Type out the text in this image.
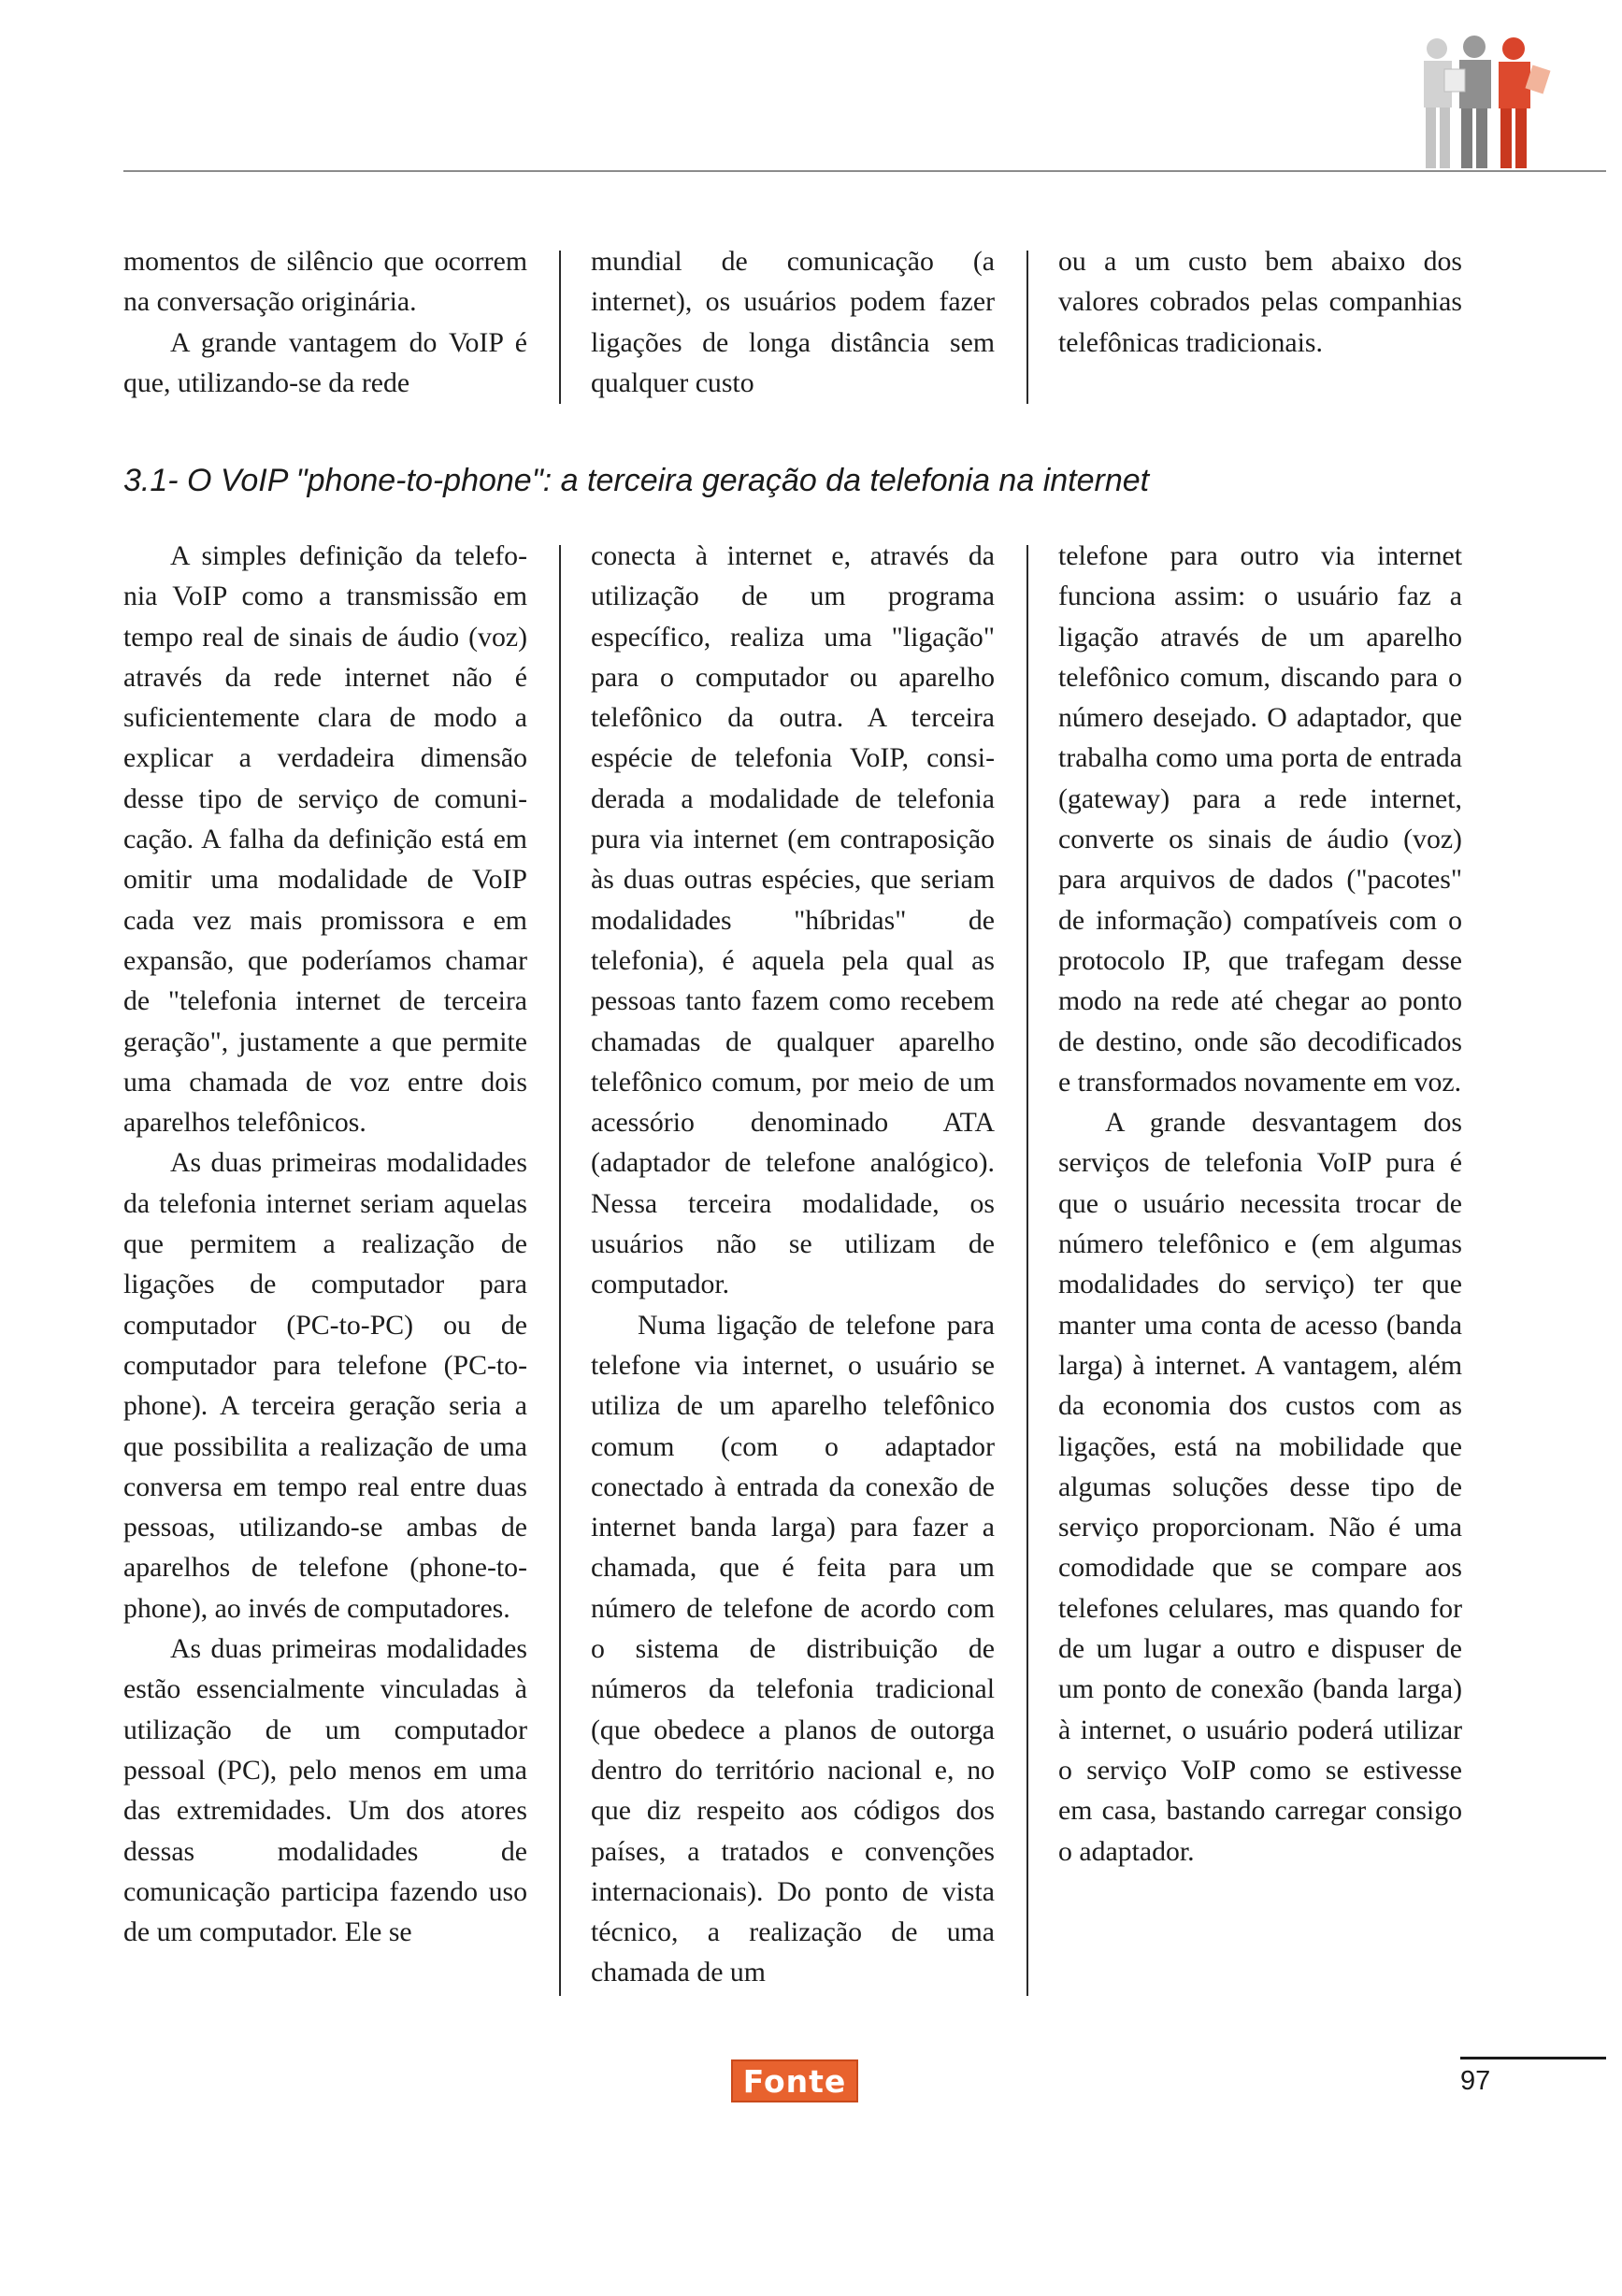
momentos de silêncio que ocorrem na conversação originária.

A grande vantagem do VoIP é que, utilizando-se da rede

mundial de comunicação (a internet), os usuários podem fazer ligações de longa distância sem qualquer custo

ou a um custo bem abaixo dos valores cobrados pelas companhias telefônicas tradicionais.

3.1- O VoIP "phone-to-phone": a terceira geração da telefonia na internet

A simples definição da telefonia VoIP como a transmissão em tempo real de sinais de áudio (voz) através da rede internet não é suficientemente clara de modo a explicar a verdadeira dimensão desse tipo de serviço de comunicação. A falha da definição está em omitir uma modalidade de VoIP cada vez mais promissora e em expansão, que poderíamos chamar de "telefonia internet de terceira geração", justamente a que permite uma chamada de voz entre dois aparelhos telefônicos.

As duas primeiras modalidades da telefonia internet seriam aquelas que permitem a realização de ligações de computador para computador (PC-to-PC) ou de computador para telefone (PC-to-phone). A terceira geração seria a que possibilita a realização de uma conversa em tempo real entre duas pessoas, utilizando-se ambas de aparelhos de telefone (phone-to-phone), ao invés de computadores.

As duas primeiras modalidades estão essencialmente vinculadas à utilização de um computador pessoal (PC), pelo menos em uma das extremidades. Um dos atores dessas modalidades de comunicação participa fazendo uso de um computador. Ele se

conecta à internet e, através da utilização de um programa específico, realiza uma "ligação" para o computador ou aparelho telefônico da outra. A terceira espécie de telefonia VoIP, considerada a modalidade de telefonia pura via internet (em contraposição às duas outras espécies, que seriam modalidades "híbridas" de telefonia), é aquela pela qual as pessoas tanto fazem como recebem chamadas de qualquer aparelho telefônico comum, por meio de um acessório denominado ATA (adaptador de telefone analógico). Nessa terceira modalidade, os usuários não se utilizam de computador.

Numa ligação de telefone para telefone via internet, o usuário se utiliza de um aparelho telefônico comum (com o adaptador conectado à entrada da conexão de internet banda larga) para fazer a chamada, que é feita para um número de telefone de acordo com o sistema de distribuição de números da telefonia tradicional (que obedece a planos de outorga dentro do território nacional e, no que diz respeito aos códigos dos países, a tratados e convenções internacionais). Do ponto de vista técnico, a realização de uma chamada de um

telefone para outro via internet funciona assim: o usuário faz a ligação através de um aparelho telefônico comum, discando para o número desejado. O adaptador, que trabalha como uma porta de entrada (gateway) para a rede internet, converte os sinais de áudio (voz) para arquivos de dados ("pacotes" de informação) compatíveis com o protocolo IP, que trafegam desse modo na rede até chegar ao ponto de destino, onde são decodificados e transformados novamente em voz.

A grande desvantagem dos serviços de telefonia VoIP pura é que o usuário necessita trocar de número telefônico e (em algumas modalidades do serviço) ter que manter uma conta de acesso (banda larga) à internet. A vantagem, além da economia dos custos com as ligações, está na mobilidade que algumas soluções desse tipo de serviço proporcionam. Não é uma comodidade que se compare aos telefones celulares, mas quando for de um lugar a outro e dispuser de um ponto de conexão (banda larga) à internet, o usuário poderá utilizar o serviço VoIP como se estivesse em casa, bastando carregar consigo o adaptador.

Fonte	97
